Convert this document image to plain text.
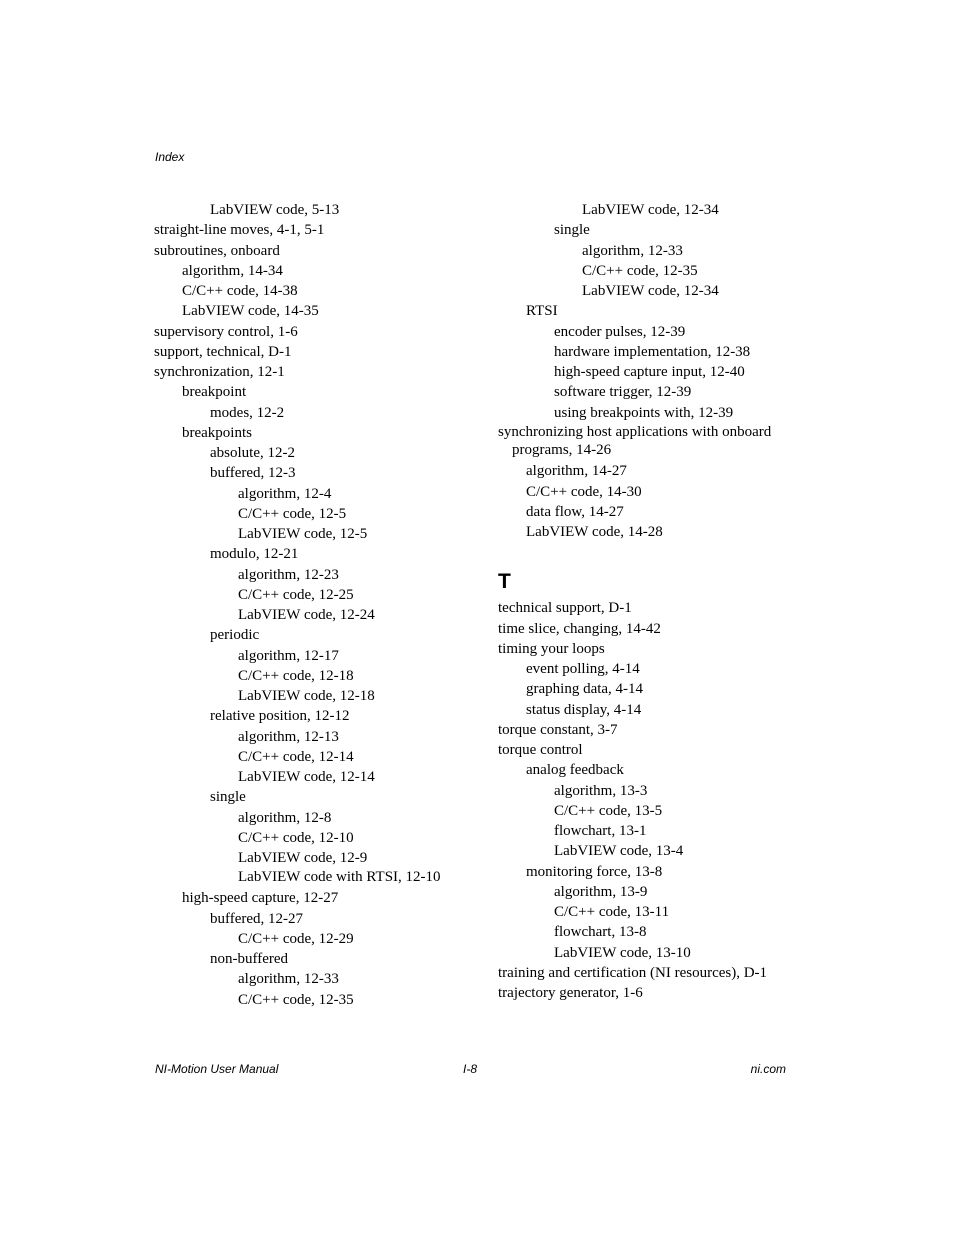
Index
LabVIEW code, 5-13
straight-line moves, 4-1, 5-1
subroutines, onboard
algorithm, 14-34
C/C++ code, 14-38
LabVIEW code, 14-35
supervisory control, 1-6
support, technical, D-1
synchronization, 12-1
breakpoint
modes, 12-2
breakpoints
absolute, 12-2
buffered, 12-3
algorithm, 12-4
C/C++ code, 12-5
LabVIEW code, 12-5
modulo, 12-21
algorithm, 12-23
C/C++ code, 12-25
LabVIEW code, 12-24
periodic
algorithm, 12-17
C/C++ code, 12-18
LabVIEW code, 12-18
relative position, 12-12
algorithm, 12-13
C/C++ code, 12-14
LabVIEW code, 12-14
single
algorithm, 12-8
C/C++ code, 12-10
LabVIEW code, 12-9
LabVIEW code with RTSI, 12-10
high-speed capture, 12-27
buffered, 12-27
C/C++ code, 12-29
non-buffered
algorithm, 12-33
C/C++ code, 12-35
LabVIEW code, 12-34
single
algorithm, 12-33
C/C++ code, 12-35
LabVIEW code, 12-34
RTSI
encoder pulses, 12-39
hardware implementation, 12-38
high-speed capture input, 12-40
software trigger, 12-39
using breakpoints with, 12-39
synchronizing host applications with onboard programs, 14-26
algorithm, 14-27
C/C++ code, 14-30
data flow, 14-27
LabVIEW code, 14-28
T
technical support, D-1
time slice, changing, 14-42
timing your loops
event polling, 4-14
graphing data, 4-14
status display, 4-14
torque constant, 3-7
torque control
analog feedback
algorithm, 13-3
C/C++ code, 13-5
flowchart, 13-1
LabVIEW code, 13-4
monitoring force, 13-8
algorithm, 13-9
C/C++ code, 13-11
flowchart, 13-8
LabVIEW code, 13-10
training and certification (NI resources), D-1
trajectory generator, 1-6
NI-Motion User Manual	I-8	ni.com
